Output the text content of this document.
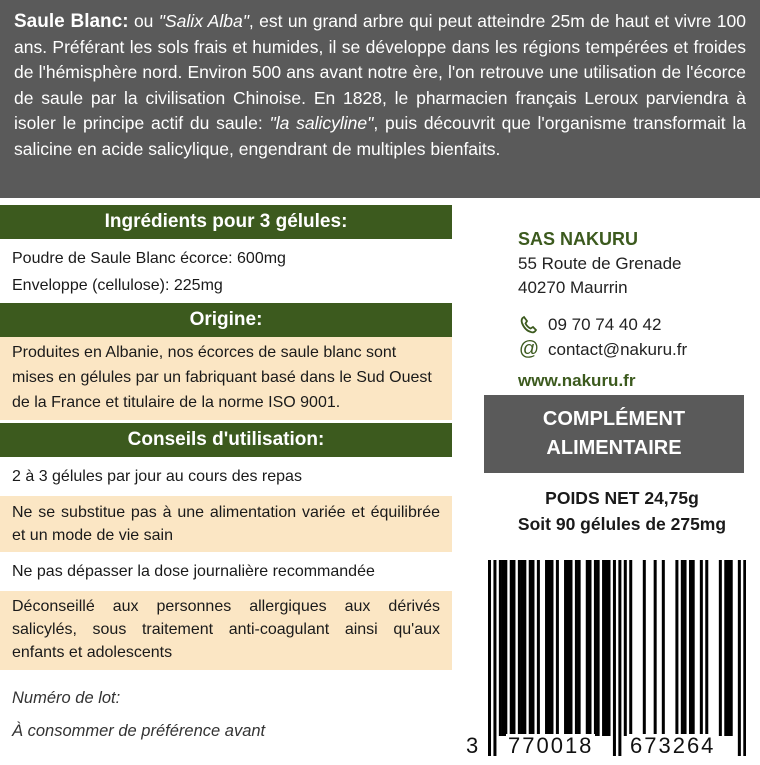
Saule Blanc: ou "Salix Alba", est un grand arbre qui peut atteindre 25m de haut et vivre 100 ans. Préférant les sols frais et humides, il se développe dans les régions tempérées et froides de l'hémisphère nord. Environ 500 ans avant notre ère, l'on retrouve une utilisation de l'écorce de saule par la civilisation Chinoise. En 1828, le pharmacien français Leroux parviendra à isoler le principe actif du saule: "la salicyline", puis découvrit que l'organisme transformait la salicine en acide salicylique, engendrant de multiples bienfaits.
Ingrédients pour 3 gélules:
Poudre de Saule Blanc écorce: 600mg
Enveloppe (cellulose): 225mg
Origine:
Produites en Albanie, nos écorces de saule blanc sont mises en gélules par un fabriquant basé dans le Sud Ouest de la France et titulaire de la norme ISO 9001.
Conseils d'utilisation:
2 à 3 gélules par jour au cours des repas
Ne se substitue pas à une alimentation variée et équilibrée et un mode de vie sain
Ne pas dépasser la dose journalière recommandée
Déconseillé aux personnes allergiques aux dérivés salicylés, sous traitement anti-coagulant ainsi qu'aux enfants et adolescents
Numéro de lot:
À consommer de préférence avant
SAS NAKURU
55 Route de Grenade
40270 Maurrin
09 70 74 40 42
@ contact@nakuru.fr
www.nakuru.fr
COMPLÉMENT
ALIMENTAIRE
POIDS NET 24,75g
Soit 90 gélules de 275mg
3 770018 673264
